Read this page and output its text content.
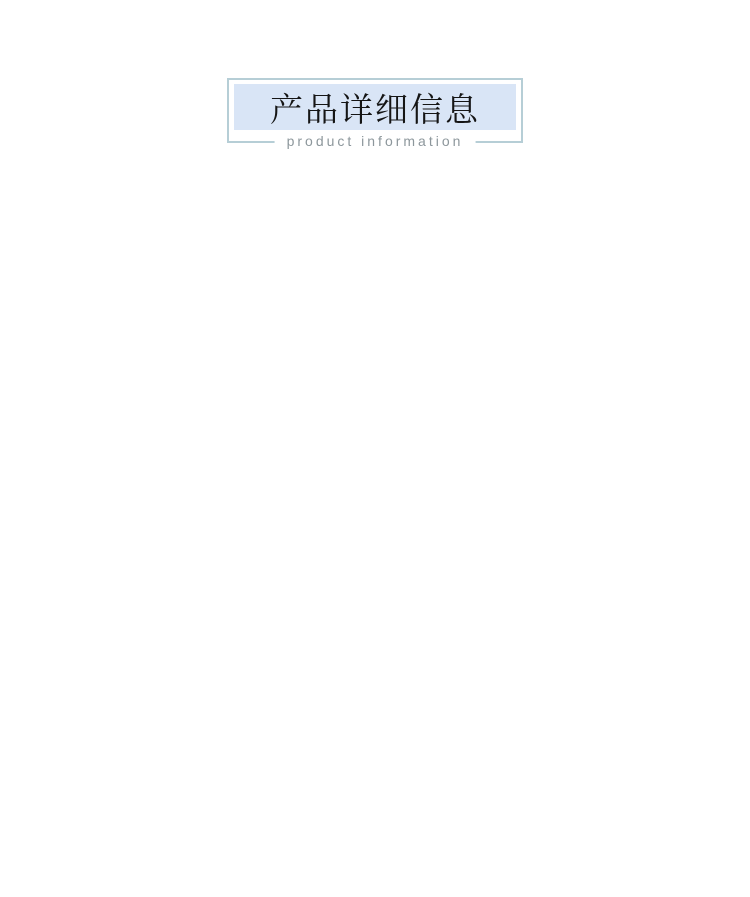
产品详细信息
product information
